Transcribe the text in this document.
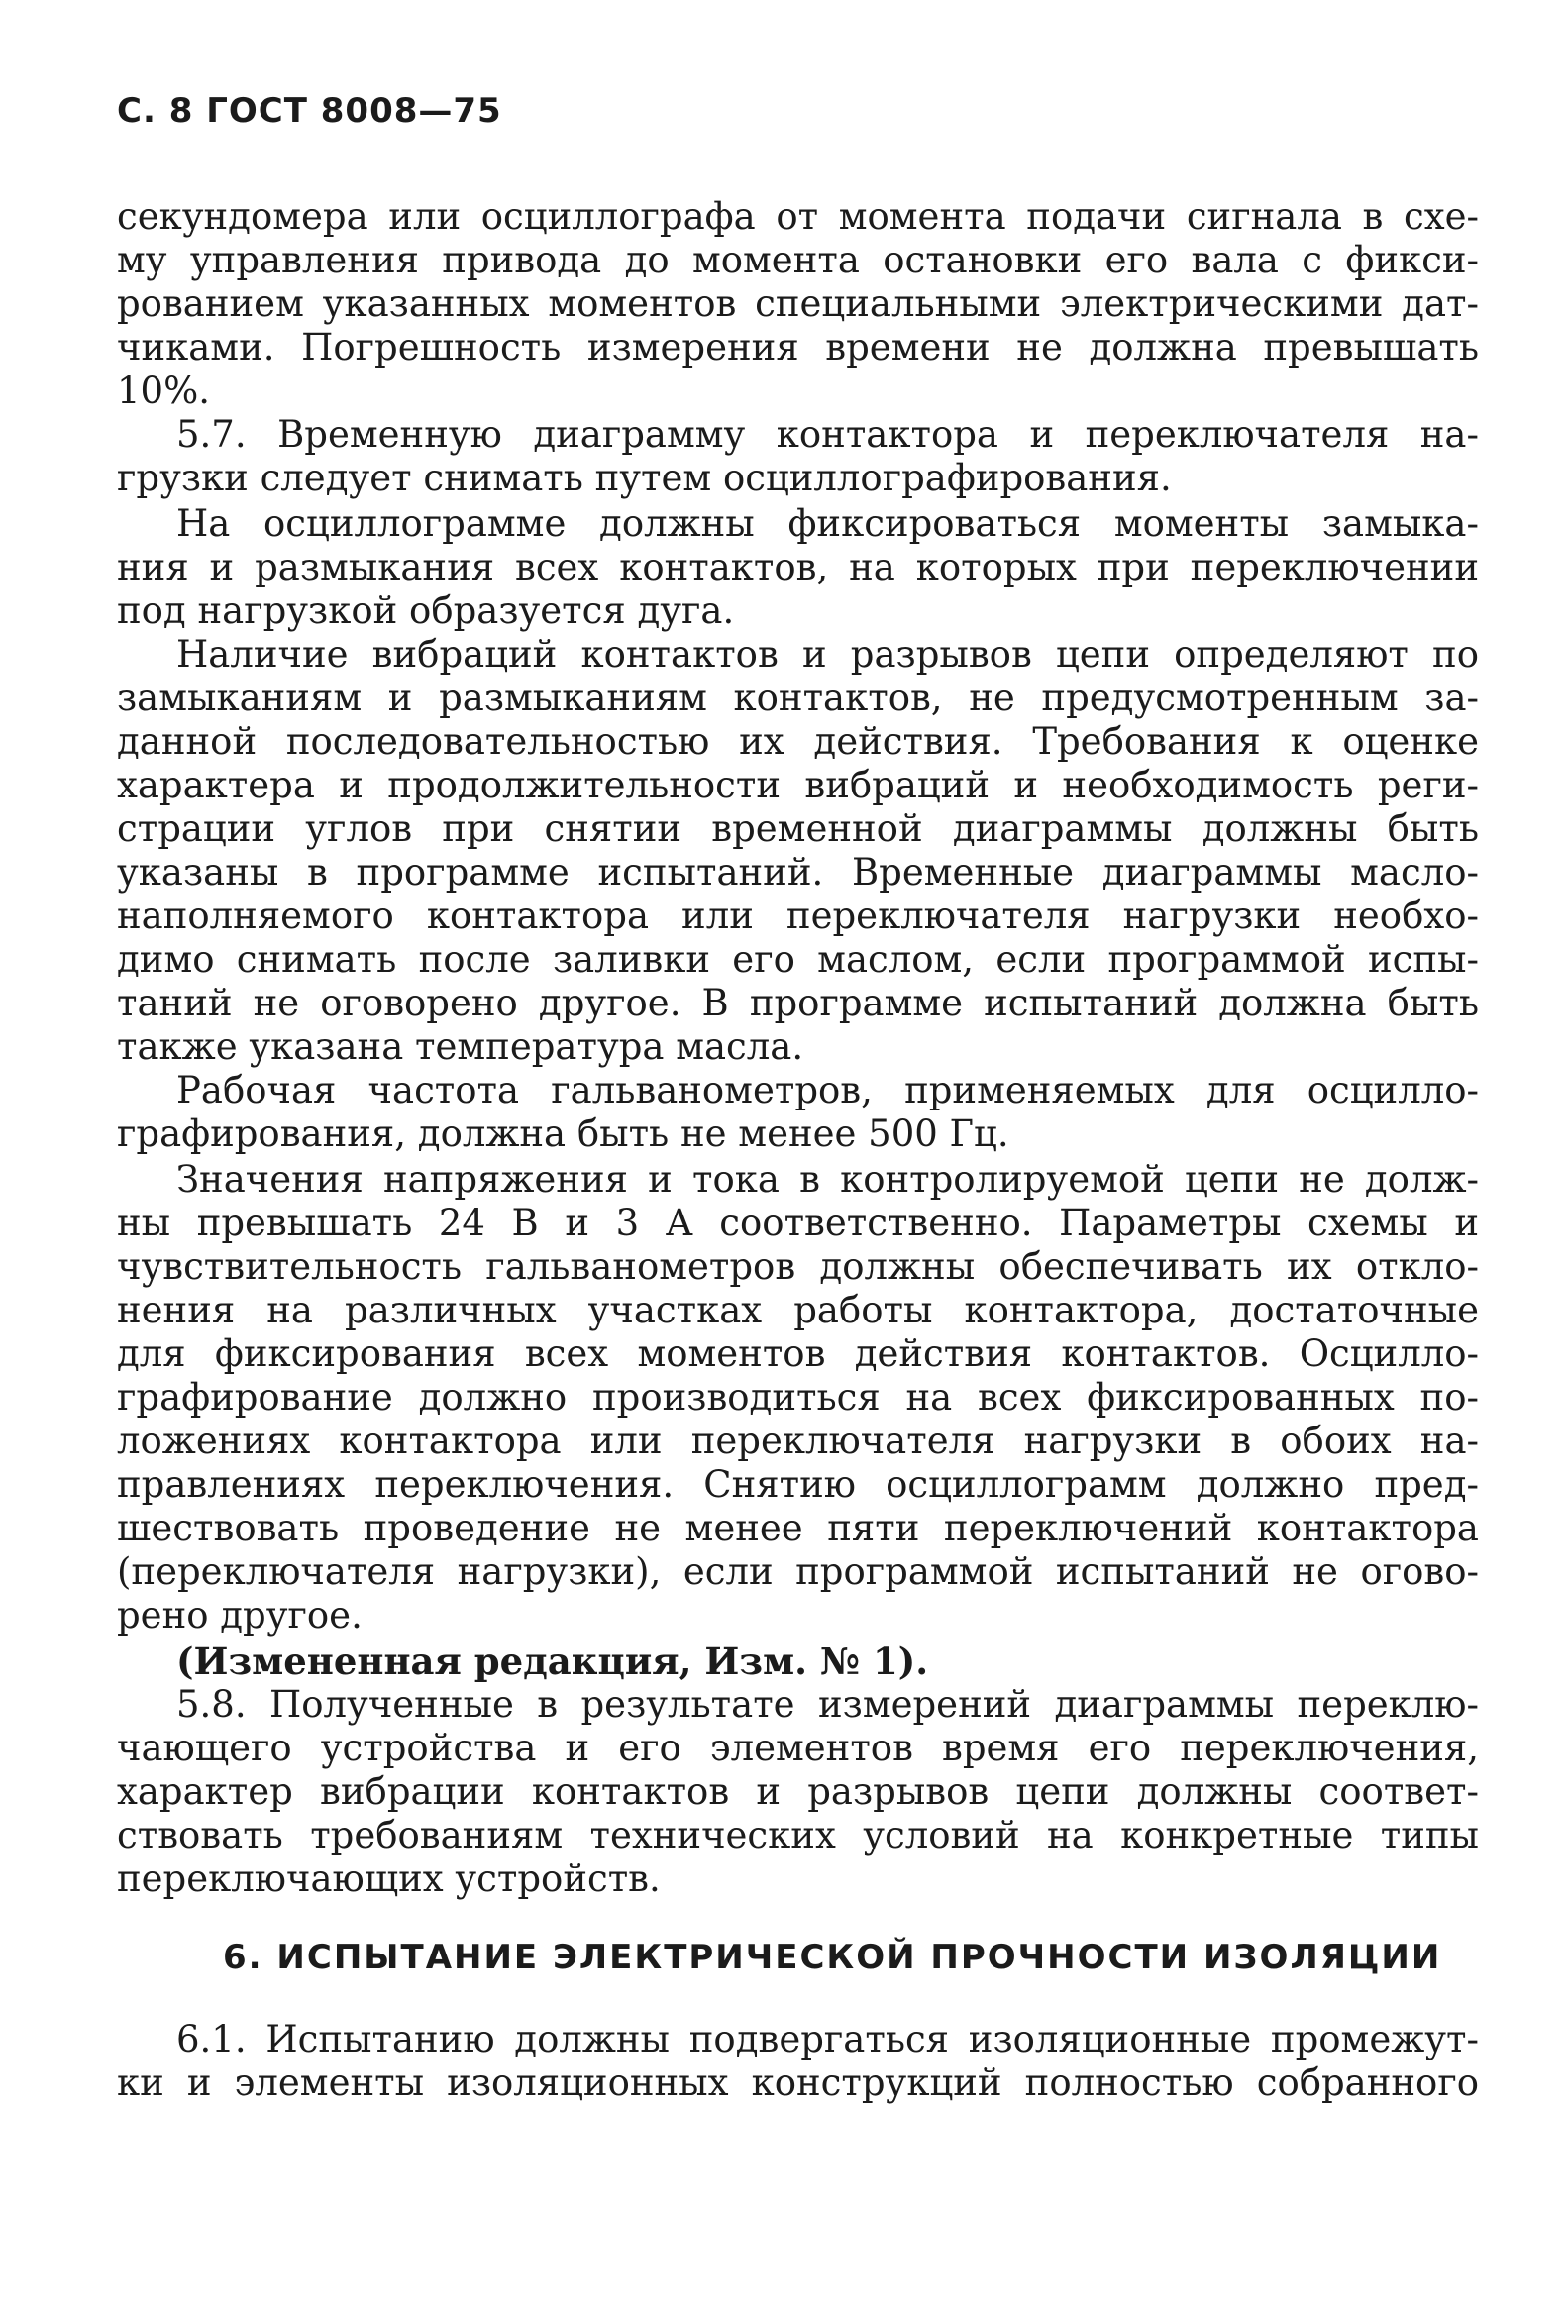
С. 8 ГОСТ 8008—75
секундомера или осциллографа от момента подачи сигнала в схе-
му управления привода до момента остановки его вала с фикси-
рованием указанных моментов специальными электрическими дат-
чиками. Погрешность измерения времени не должна превышать
10%.
5.7. Временную диаграмму контактора и переключателя на-
грузки следует снимать путем осциллографирования.
На осциллограмме должны фиксироваться моменты замыка-
ния и размыкания всех контактов, на которых при переключении
под нагрузкой образуется дуга.
Наличие вибраций контактов и разрывов цепи определяют по
замыканиям и размыканиям контактов, не предусмотренным за-
данной последовательностью их действия. Требования к оценке
характера и продолжительности вибраций и необходимость реги-
страции углов при снятии временной диаграммы должны быть
указаны в программе испытаний. Временные диаграммы масло-
наполняемого контактора или переключателя нагрузки необхо-
димо снимать после заливки его маслом, если программой испы-
таний не оговорено другое. В программе испытаний должна быть
также указана температура масла.
Рабочая частота гальванометров, применяемых для осцилло-
графирования, должна быть не менее 500 Гц.
Значения напряжения и тока в контролируемой цепи не долж-
ны превышать 24 В и 3 А соответственно. Параметры схемы и
чувствительность гальванометров должны обеспечивать их откло-
нения на различных участках работы контактора, достаточные
для фиксирования всех моментов действия контактов. Осцилло-
графирование должно производиться на всех фиксированных по-
ложениях контактора или переключателя нагрузки в обоих на-
правлениях переключения. Снятию осциллограмм должно пред-
шествовать проведение не менее пяти переключений контактора
(переключателя нагрузки), если программой испытаний не огово-
рено другое.
(Измененная редакция, Изм. № 1).
5.8. Полученные в результате измерений диаграммы переклю-
чающего устройства и его элементов время его переключения,
характер вибрации контактов и разрывов цепи должны соответ-
ствовать требованиям технических условий на конкретные типы
переключающих устройств.
6. ИСПЫТАНИЕ ЭЛЕКТРИЧЕСКОЙ ПРОЧНОСТИ ИЗОЛЯЦИИ
6.1. Испытанию должны подвергаться изоляционные промежут-
ки и элементы изоляционных конструкций полностью собранного
